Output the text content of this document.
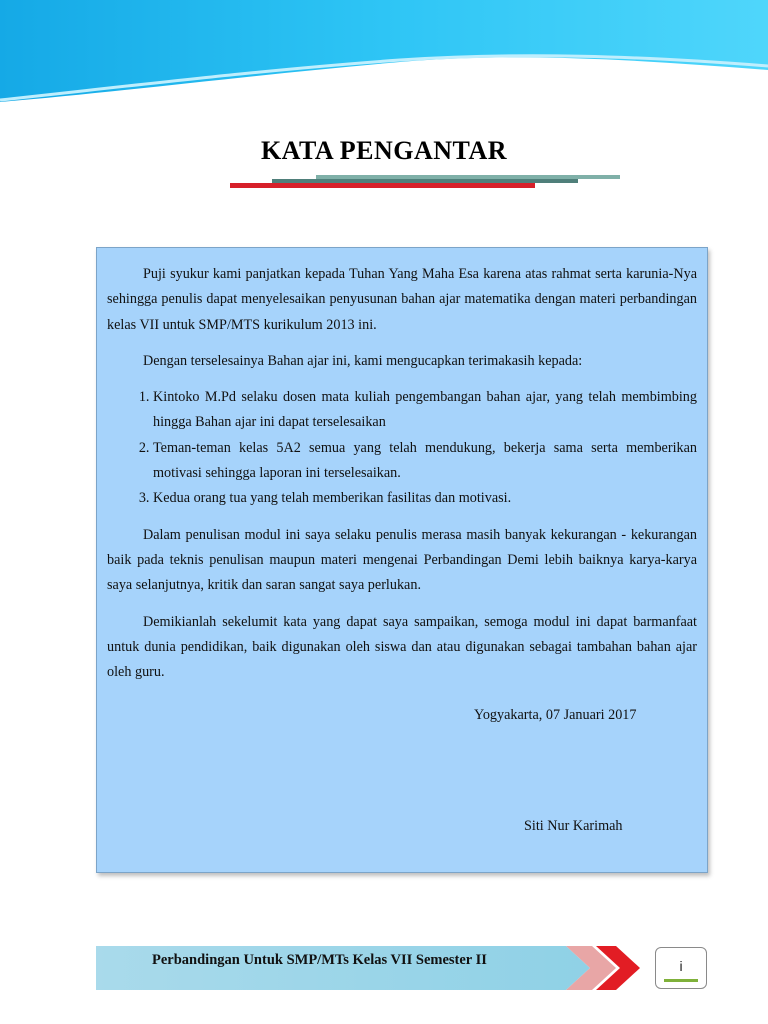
KATA PENGANTAR

Puji syukur kami panjatkan kepada Tuhan Yang Maha Esa karena atas rahmat serta karunia-Nya sehingga penulis dapat menyelesaikan penyusunan bahan ajar matematika dengan materi perbandingan kelas VII untuk SMP/MTS kurikulum 2013 ini.

Dengan terselesainya Bahan ajar ini, kami mengucapkan terimakasih kepada:

1. Kintoko M.Pd selaku dosen mata kuliah pengembangan bahan ajar, yang telah membimbing hingga Bahan ajar ini dapat terselesaikan
2. Teman-teman kelas 5A2 semua yang telah mendukung, bekerja sama serta memberikan motivasi sehingga laporan ini terselesaikan.
3. Kedua orang tua yang telah memberikan fasilitas dan motivasi.

Dalam penulisan modul ini saya selaku penulis merasa masih banyak kekurangan - kekurangan baik pada teknis penulisan maupun materi mengenai Perbandingan Demi lebih baiknya karya-karya saya selanjutnya, kritik dan saran sangat saya perlukan.

Demikianlah sekelumit kata yang dapat saya sampaikan, semoga modul ini dapat barmanfaat untuk dunia pendidikan, baik digunakan oleh siswa dan atau digunakan sebagai tambahan bahan ajar oleh guru.

Yogyakarta, 07 Januari 2017
Siti Nur Karimah
Perbandingan Untuk SMP/MTs Kelas VII Semester II	i
